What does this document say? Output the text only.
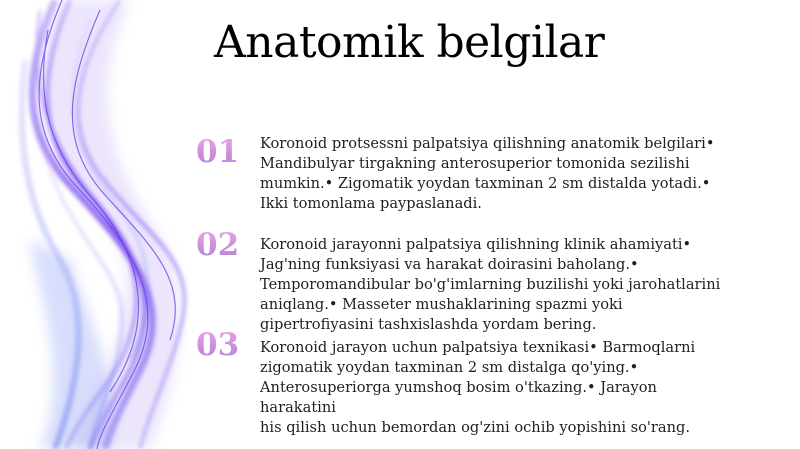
Anatomik belgilar
01	Koronoid protsessni palpatsiya qilishning anatomik belgilari•
Mandibulyar tirgakning anterosuperior tomonida sezilishi
mumkin.• Zigomatik yoydan taxminan 2 sm distalda yotadi.•
Ikki tomonlama paypaslanadi.
02	Koronoid jarayonni palpatsiya qilishning klinik ahamiyati•
Jag'ning funksiyasi va harakat doirasini baholang.•
Temporomandibular bo'g'imlarning buzilishi yoki jarohatlarini
aniqlang.• Masseter mushaklarining spazmi yoki
gipertrofiyasini tashxislashda yordam bering.
03	Koronoid jarayon uchun palpatsiya texnikasi• Barmoqlarni
zigomatik yoydan taxminan 2 sm distalga qo'ying.•
Anterosuperiorga yumshoq bosim o'tkazing.• Jarayon harakatini
his qilish uchun bemordan og'zini ochib yopishini so'rang.
